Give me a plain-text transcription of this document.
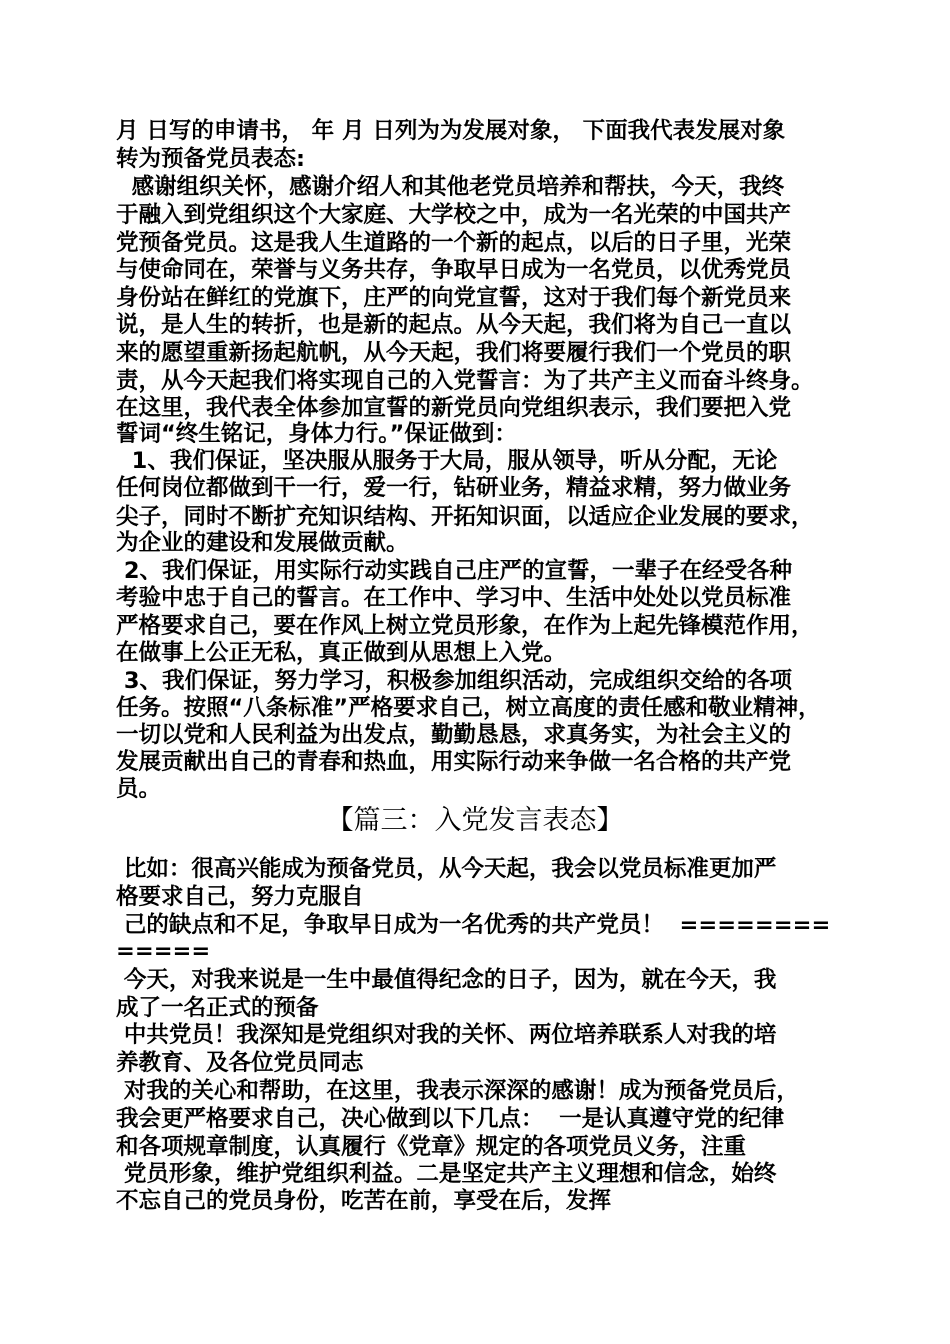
月 日写的申请书， 年 月 日列为为发展对象， 下面我代表发展对象
转为预备党员表态:
感谢组织关怀，感谢介绍人和其他老党员培养和帮扶，今天，我终
于融入到党组织这个大家庭、大学校之中，成为一名光荣的中国共产
党预备党员。这是我人生道路的一个新的起点，以后的日子里，光荣
与使命同在，荣誉与义务共存，争取早日成为一名党员，以优秀党员
身份站在鲜红的党旗下，庄严的向党宣誓，这对于我们每个新党员来
说，是人生的转折，也是新的起点。从今天起，我们将为自己一直以
来的愿望重新扬起航帆，从今天起，我们将要履行我们一个党员的职
责，从今天起我们将实现自己的入党誓言：为了共产主义而奋斗终身。
在这里，我代表全体参加宣誓的新党员向党组织表示，我们要把入党
誓词“终生铭记，身体力行。”保证做到：
1、我们保证，坚决服从服务于大局，服从领导，听从分配，无论
任何岗位都做到干一行，爱一行，钻研业务，精益求精，努力做业务
尖子，同时不断扩充知识结构、开拓知识面，以适应企业发展的要求，
为企业的建设和发展做贡献。
2、我们保证，用实际行动实践自己庄严的宣誓，一辈子在经受各种
考验中忠于自己的誓言。在工作中、学习中、生活中处处以党员标准
严格要求自己，要在作风上树立党员形象，在作为上起先锋模范作用，
在做事上公正无私，真正做到从思想上入党。
3、我们保证，努力学习，积极参加组织活动，完成组织交给的各项
任务。按照“八条标准”严格要求自己，树立高度的责任感和敬业精神，
一切以党和人民利益为出发点，勤勤恳恳，求真务实，为社会主义的
发展贡献出自己的青春和热血，用实际行动来争做一名合格的共产党
员。
【篇三：入党发言表态】
比如：很高兴能成为预备党员，从今天起，我会以党员标准更加严
格要求自己，努力克服自
己的缺点和不足，争取早日成为一名优秀的共产党员！  ========
=====
今天，对我来说是一生中最值得纪念的日子，因为，就在今天，我
成了一名正式的预备
中共党员！我深知是党组织对我的关怀、两位培养联系人对我的培
养教育、及各位党员同志
对我的关心和帮助，在这里，我表示深深的感谢！成为预备党员后，
我会更严格要求自己，决心做到以下几点：  一是认真遵守党的纪律
和各项规章制度，认真履行《党章》规定的各项党员义务，注重
党员形象，维护党组织利益。二是坚定共产主义理想和信念，始终
不忘自己的党员身份，吃苦在前，享受在后，发挥
